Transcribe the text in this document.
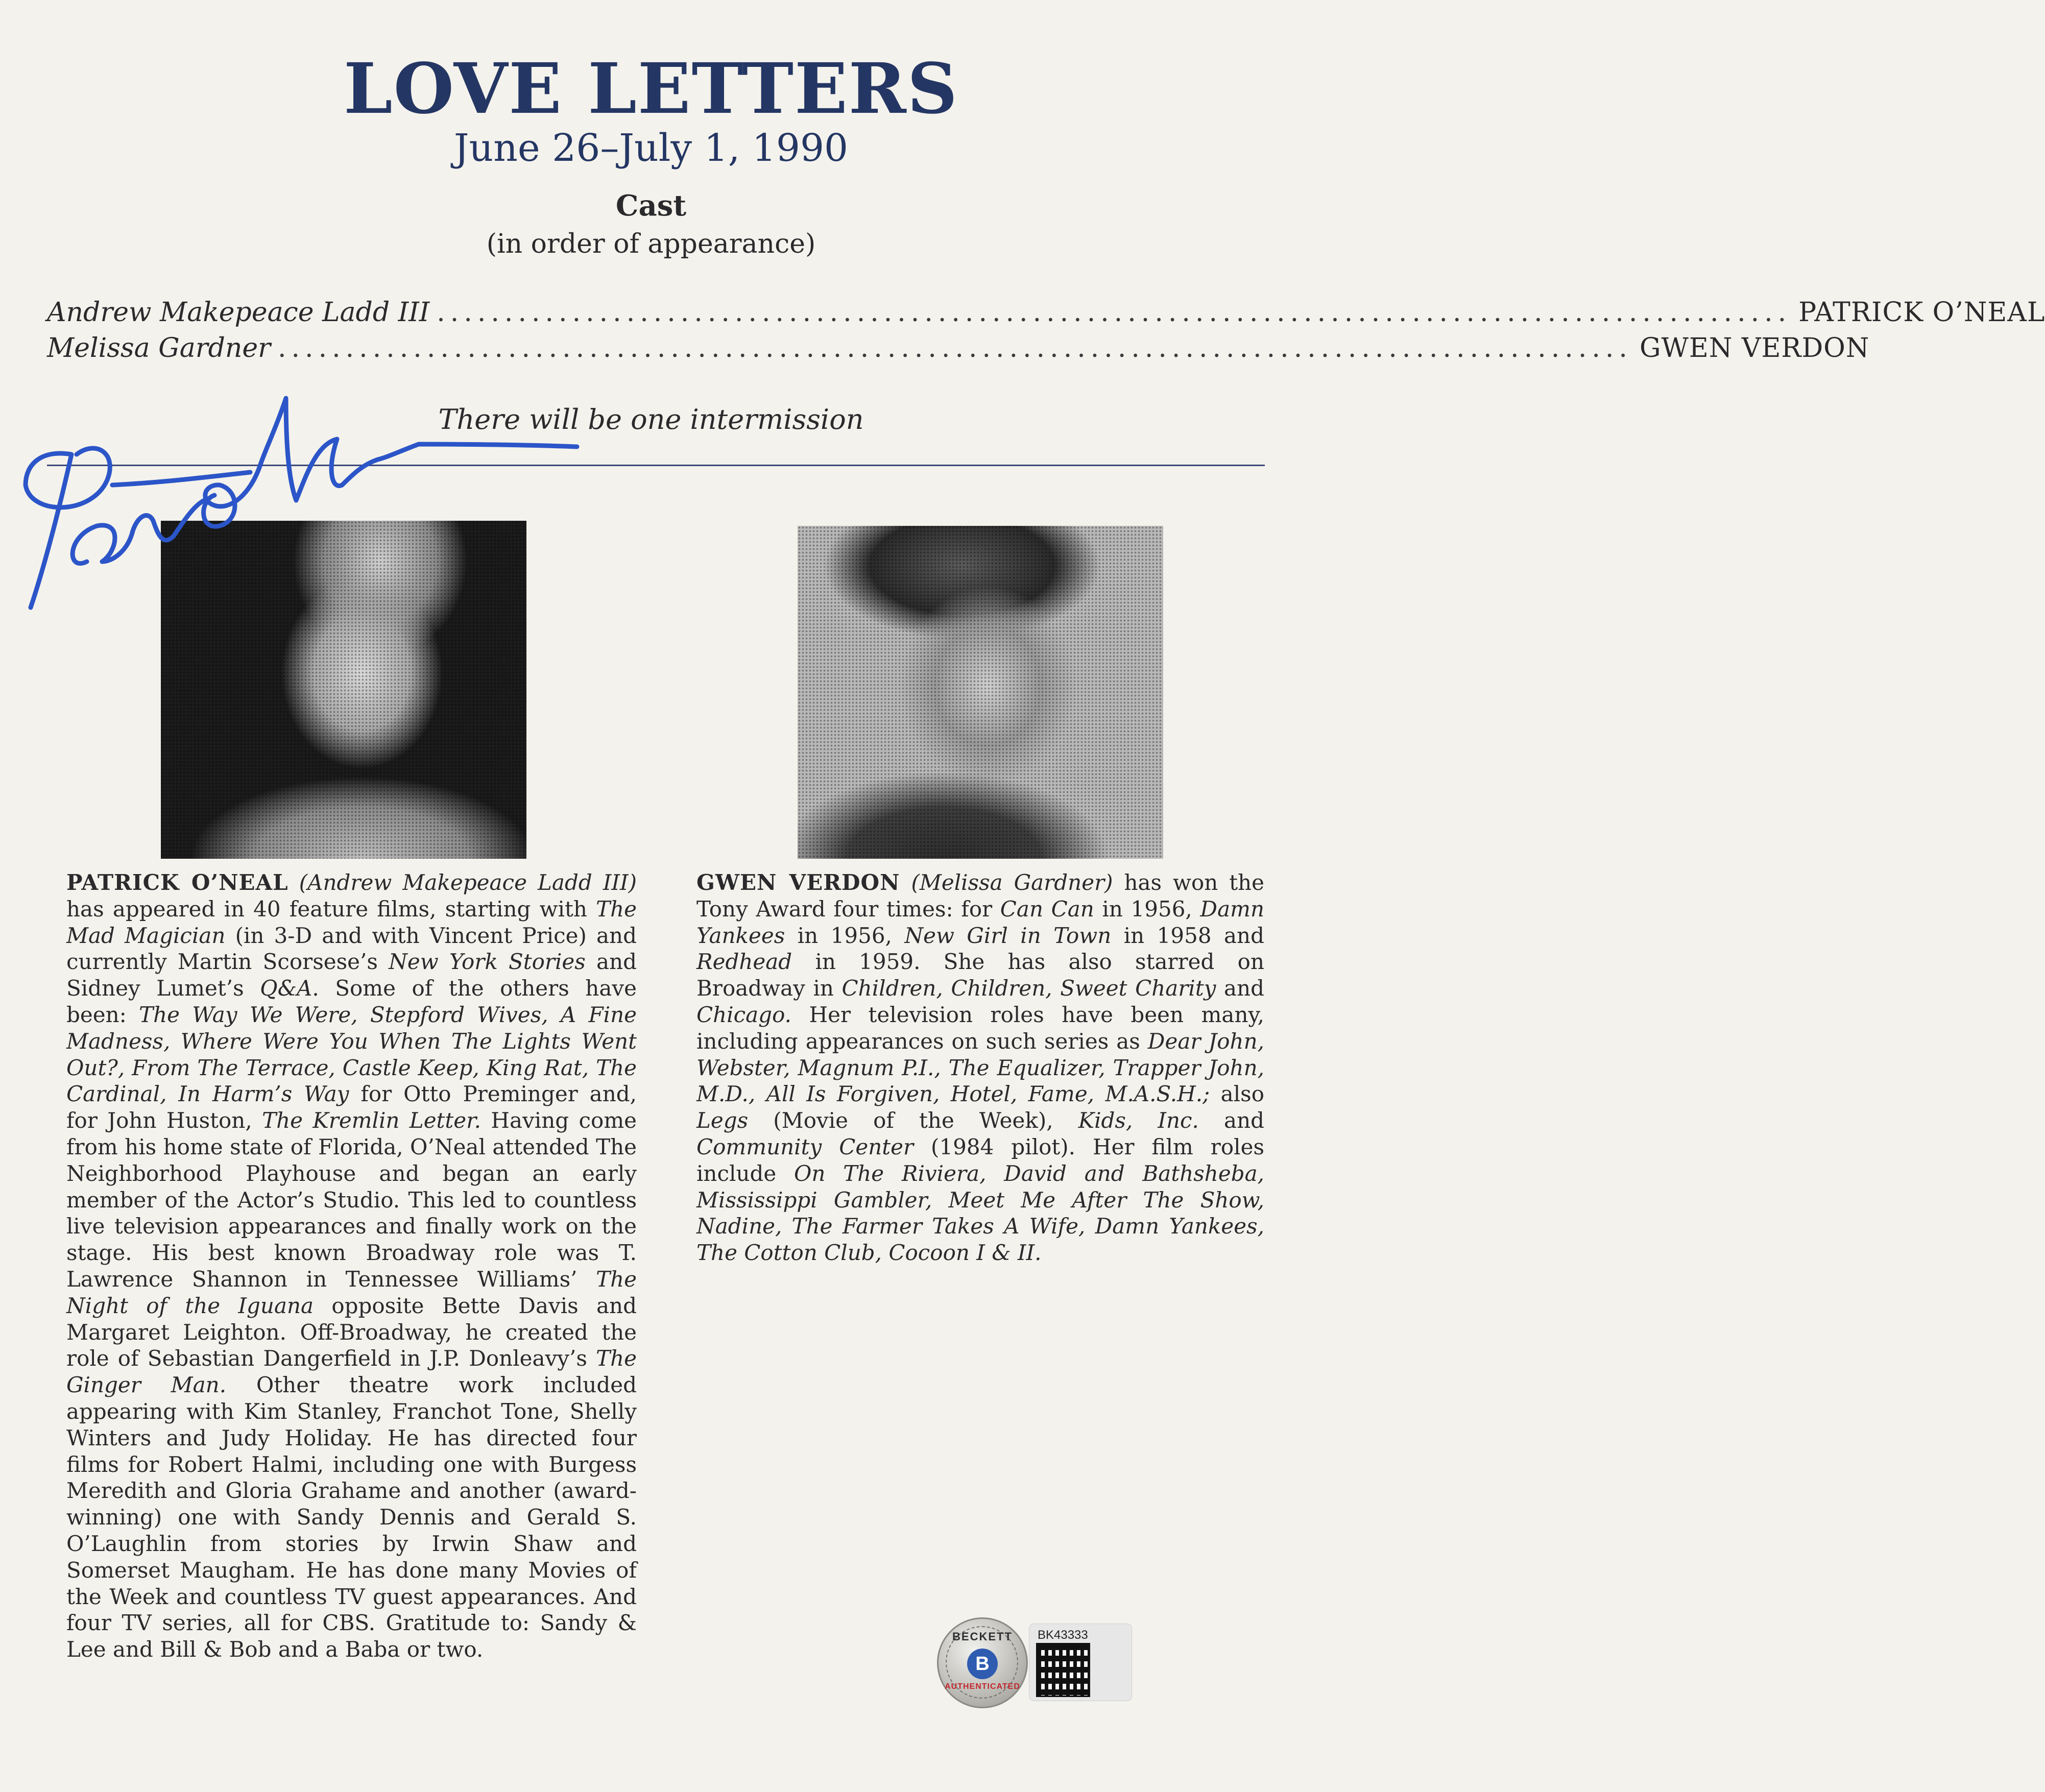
LOVE LETTERS
June 26–July 1, 1990
Cast
(in order of appearance)
Andrew Makepeace Ladd III .................................................................................................... PATRICK O’NEAL
Melissa Gardner .................................................................................................... GWEN VERDON
There will be one intermission
PATRICK O’NEAL (Andrew Makepeace Ladd III) has appeared in 40 feature films, starting with The Mad Magician (in 3-D and with Vincent Price) and currently Martin Scorsese’s New York Stories and Sidney Lumet’s Q&A. Some of the others have been: The Way We Were, Stepford Wives, A Fine Madness, Where Were You When The Lights Went Out?, From The Terrace, Castle Keep, King Rat, The Cardinal, In Harm’s Way for Otto Preminger and, for John Huston, The Kremlin Letter. Having come from his home state of Florida, O’Neal attended The Neighborhood Playhouse and began an early member of the Actor’s Studio. This led to countless live television appearances and finally work on the stage. His best known Broadway role was T. Lawrence Shannon in Tennessee Williams’ The Night of the Iguana opposite Bette Davis and Margaret Leighton. Off-Broadway, he created the role of Sebastian Dangerfield in J.P. Donleavy’s The Ginger Man. Other theatre work included appearing with Kim Stanley, Franchot Tone, Shelly Winters and Judy Holiday. He has directed four films for Robert Halmi, including one with Burgess Meredith and Gloria Grahame and another (award-winning) one with Sandy Dennis and Gerald S. O’Laughlin from stories by Irwin Shaw and Somerset Maugham. He has done many Movies of the Week and countless TV guest appearances. And four TV series, all for CBS. Gratitude to: Sandy & Lee and Bill & Bob and a Baba or two.
GWEN VERDON (Melissa Gardner) has won the Tony Award four times: for Can Can in 1956, Damn Yankees in 1956, New Girl in Town in 1958 and Redhead in 1959. She has also starred on Broadway in Children, Children, Sweet Charity and Chicago. Her television roles have been many, including appearances on such series as Dear John, Webster, Magnum P.I., The Equalizer, Trapper John, M.D., All Is Forgiven, Hotel, Fame, M.A.S.H.; also Legs (Movie of the Week), Kids, Inc. and Community Center (1984 pilot). Her film roles include On The Riviera, David and Bathsheba, Mississippi Gambler, Meet Me After The Show, Nadine, The Farmer Takes A Wife, Damn Yankees, The Cotton Club, Cocoon I & II.
BECKETT
B
AUTHENTICATED
BK43333
